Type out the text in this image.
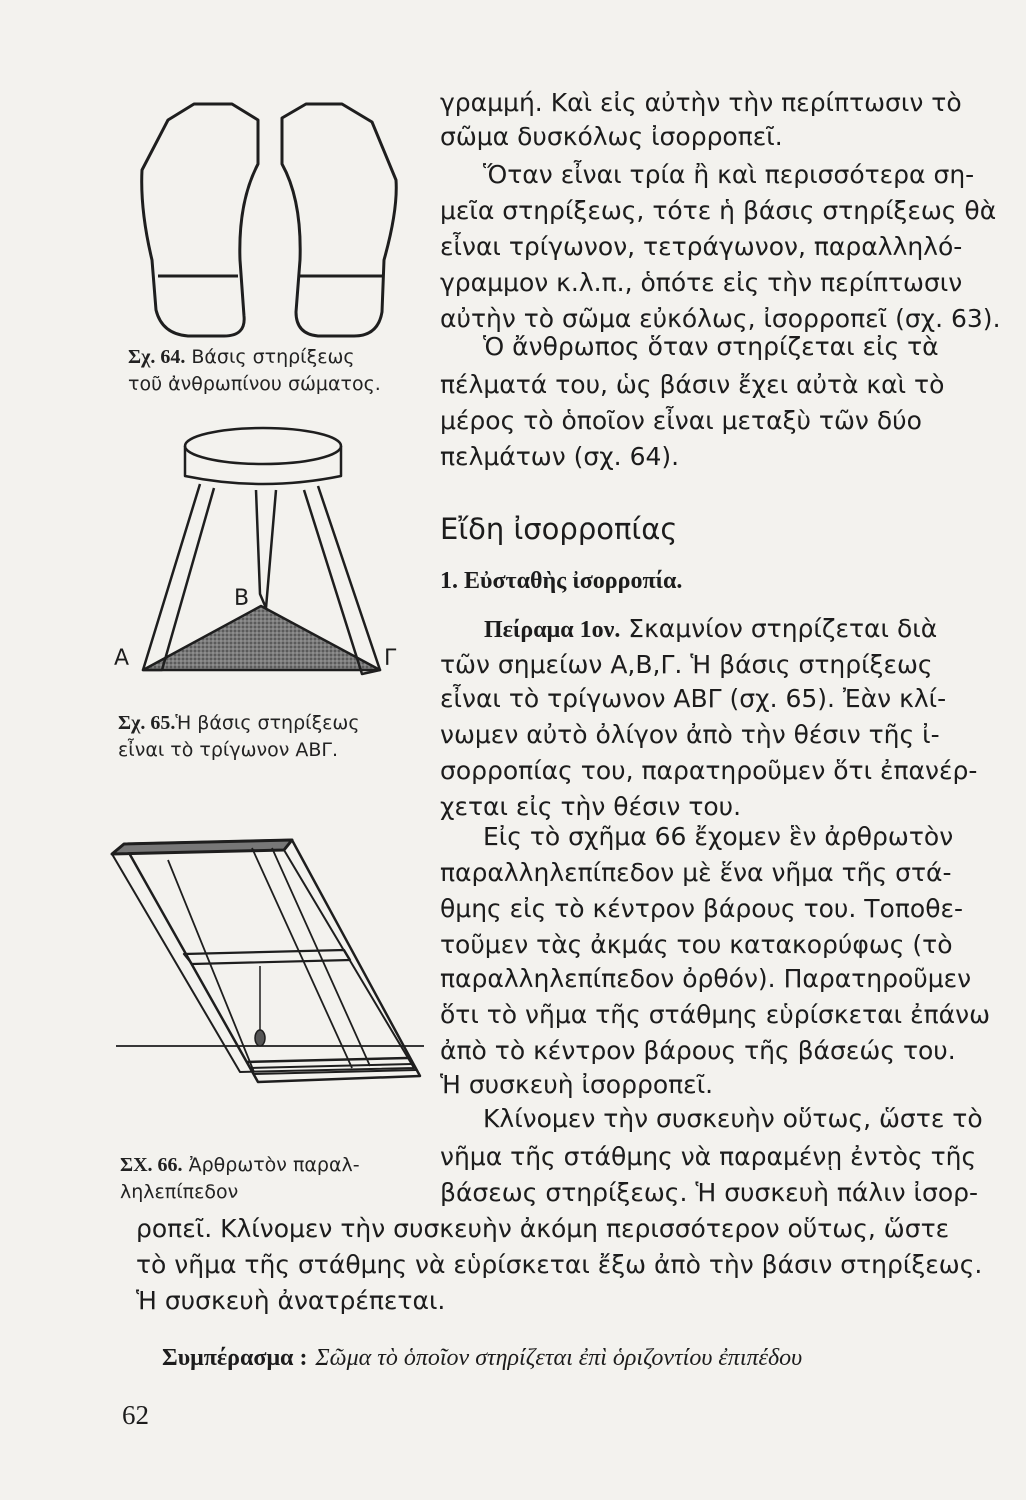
Σχ. 64. Βάσις στηρίξεως
τοῦ ἀνθρωπίνου σώματος.
Α
Β
Γ
Σχ. 65.Ἡ βάσις στηρίξεως
εἶναι τὸ τρίγωνον ΑΒΓ.
ΣΧ. 66. Ἀρθρωτὸν παραλ-
ληλεπίπεδον
γραμμή. Καὶ εἰς αὐτὴν τὴν περίπτωσιν τὸ
σῶμα δυσκόλως ἰσορροπεῖ.
Ὅταν εἶναι τρία ἢ καὶ περισσότερα ση-
μεῖα στηρίξεως, τότε ἡ βάσις στηρίξεως θὰ
εἶναι τρίγωνον, τετράγωνον, παραλληλό-
γραμμον κ.λ.π., ὁπότε εἰς τὴν περίπτωσιν
αὐτὴν τὸ σῶμα εὐκόλως, ἰσορροπεῖ (σχ. 63).
Ὁ ἄνθρωπος ὅταν στηρίζεται εἰς τὰ
πέλματά του, ὡς βάσιν ἔχει αὐτὰ καὶ τὸ
μέρος τὸ ὁποῖον εἶναι μεταξὺ τῶν δύο
πελμάτων (σχ. 64).
Εἴδη ἰσορροπίας
1. Εὐσταθὴς ἰσορροπία.
Πείραμα 1ον. Σκαμνίον στηρίζεται διὰ
τῶν σημείων Α,Β,Γ. Ἡ βάσις στηρίξεως
εἶναι τὸ τρίγωνον ΑΒΓ (σχ. 65). Ἐὰν κλί-
νωμεν αὐτὸ ὀλίγον ἀπὸ τὴν θέσιν τῆς ἰ-
σορροπίας του, παρατηροῦμεν ὅτι ἐπανέρ-
χεται εἰς τὴν θέσιν του.
Εἰς τὸ σχῆμα 66 ἔχομεν ἓν ἀρθρωτὸν
παραλληλεπίπεδον μὲ ἕνα νῆμα τῆς στά-
θμης εἰς τὸ κέντρον βάρους του. Τοποθε-
τοῦμεν τὰς ἀκμάς του κατακορύφως (τὸ
παραλληλεπίπεδον ὀρθόν). Παρατηροῦμεν
ὅτι τὸ νῆμα τῆς στάθμης εὑρίσκεται ἐπάνω
ἀπὸ τὸ κέντρον βάρους τῆς βάσεώς του.
Ἡ συσκευὴ ἰσορροπεῖ.
Κλίνομεν τὴν συσκευὴν οὕτως, ὥστε τὸ
νῆμα τῆς στάθμης νὰ παραμένῃ ἐντὸς τῆς
βάσεως στηρίξεως. Ἡ συσκευὴ πάλιν ἰσορ-
ροπεῖ. Κλίνομεν τὴν συσκευὴν ἀκόμη περισσότερον οὕτως, ὥστε
τὸ νῆμα τῆς στάθμης νὰ εὑρίσκεται ἔξω ἀπὸ τὴν βάσιν στηρίξεως.
Ἡ συσκευὴ ἀνατρέπεται.
Συμπέρασμα : Σῶμα τὸ ὁποῖον στηρίζεται ἐπὶ ὁριζοντίου ἐπιπέδου
62
